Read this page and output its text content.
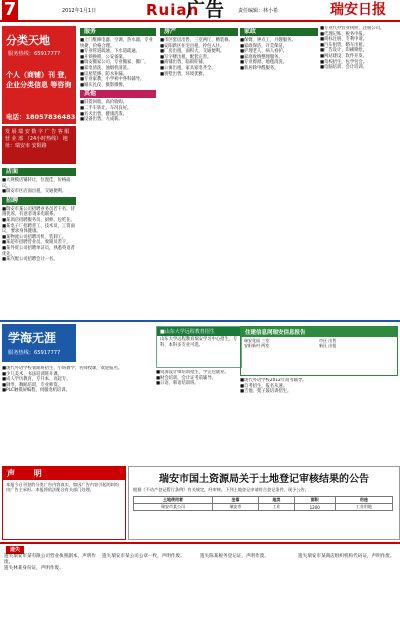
7	2012年1月1日	Ruian
广告	责任编辑：林小希	瑞安日报
分类天地
服务热线：65917777
个人（商铺）刊 登，企业分类信息 等咨询
电话：18057836483
发 展 瑞 安 数 字 广 告 客 服 营 业 部 （24小时热线） 地址：瑞安市 安阳路
店面
■大规模店铺转让，位置佳，价格面议。
■瑞安市区店面出租，交通便利。
招聘
■瑞安市某公司招聘业务员若干名，待遇优厚，有意者请来电联系。
■某酒店招聘服务员、厨师，包吃住。
■某电子厂招聘普工、技术员，工资面议，要求身体健康。
■某物流公司招聘司机、装卸工。
■某超市招聘营业员、收银员若干。
■某外贸公司招聘单证员，熟悉英语者优先。
■某汽配公司招聘会计一名。
服务
■上门维修电器、空调、热水器，专业快捷，价格合理。
■专业管道疏通、下水道疏通。
■开锁换锁，公安备案。
■瑞安搬家公司，专业搬家、搬厂。
■家电清洗、油烟机清洗。
■房屋装修、防水补漏。
■专业家教，小学初中各科辅导。
■婚庆礼仪、摄影摄像。
其他
■旧货回收，高价收购。
■二手车转让，车况良好。
■名犬出售，健康活泼。
■设备出售，九成新。
房产
■市区套房出售，三室两厅，精装修。
■安阳新区住宅出租，拎包入住。
■厂房出租，面积大，交通便利。
■写字楼出租，配套完善。
■商铺出售，临街旺铺。
■公寓出租，家具家电齐全。
■别墅出售，环境优雅。
家政
■保姆、钟点工、月嫂服务。
■家政保洁，开荒保洁。
■护理老人、病人看护。
■家庭收纳整理服务。
■专业擦窗、地毯清洗。
■新居除甲醛服务。
■专业代办营业执照、注册公司。
■代理记账、税务申报。
■商标注册、专利申请。
■汽车租赁，婚车出租。
■广告设计、印刷喷绘。
■网站建设、软件开发。
■驾校招生，包学包会。
■电脑培训、会计培训。
学海无涯
服务热线：65917777
■现代外语学校暑期班招生，小班教学，名师授课，欢迎报名。
■少儿美术、书法培训班开课。
■成人学历教育，专升本、高起专。
■钢琴、舞蹈培训，专业师资。
■PLC触摸屏编程、伺服电机培训。
■山东大学远程教育招生
山东大学远程教育瑞安学习中心招生，专科、本科多专业可选。
住建信息网瑞安信息报告
瑞安花园 三室	市区 出售
安阳新村 两室	新区 出租
■资深设计师培训招生，学完包就业。
■财会培训，会计证考前辅导。
■日语、韩语培训班。
■现代外语学校2012年高考辅导。
■自考招生，报名从速。
■吉他、架子鼓培训招生。
声 明
本报今日刊登的分类广告内容真实，如因广告内容引起的纠纷由广告主承担。本报将依法配合有关部门处理。
瑞安市国土资源局关于土地登记审核结果的公告
根据《不动产登记暂行条例》有关规定，经审核，下列土地登记申请符合登记条件，现予公告。
土地使用者	坐落	地类	面积	用途
瑞安市某公司	瑞安市	工业	1200	工业用地
遗失
遗失瑞安市某有限公司营业执照副本，声明作废。
遗失林某身份证，声明作废。
遗失瑞安市某公司公章一枚，声明作废。	遗失陈某税务登记证，声明作废。	遗失瑞安市某商店组织机构代码证，声明作废。
